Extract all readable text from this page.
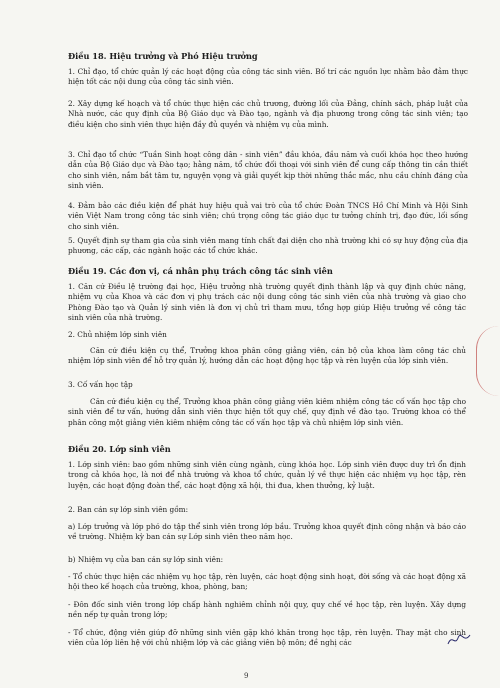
Điều 18. Hiệu trưởng và Phó Hiệu trưởng

1. Chỉ đạo, tổ chức quản lý các hoạt động của công tác sinh viên. Bố trí các nguồn lực nhằm bảo đảm thực hiện tốt các nội dung của công tác sinh viên.

2. Xây dựng kế hoạch và tổ chức thực hiện các chủ trương, đường lối của Đảng, chính sách, pháp luật của Nhà nước, các quy định của Bộ Giáo dục và Đào tạo, ngành và địa phương trong công tác sinh viên; tạo điều kiện cho sinh viên thực hiện đầy đủ quyền và nhiệm vụ của mình.

3. Chỉ đạo tổ chức “Tuần Sinh hoạt công dân - sinh viên” đầu khóa, đầu năm và cuối khóa học theo hướng dẫn của Bộ Giáo dục và Đào tạo; hằng năm, tổ chức đối thoại với sinh viên để cung cấp thông tin cần thiết cho sinh viên, nắm bắt tâm tư, nguyện vọng và giải quyết kịp thời những thắc mắc, nhu cầu chính đáng của sinh viên.

4. Đảm bảo các điều kiện để phát huy hiệu quả vai trò của tổ chức Đoàn TNCS Hồ Chí Minh và Hội Sinh viên Việt Nam trong công tác sinh viên; chú trọng công tác giáo dục tư tưởng chính trị, đạo đức, lối sống cho sinh viên.

5. Quyết định sự tham gia của sinh viên mang tính chất đại diện cho nhà trường khi có sự huy động của địa phương, các cấp, các ngành hoặc các tổ chức khác.

Điều 19. Các đơn vị, cá nhân phụ trách công tác sinh viên

1. Căn cứ Điều lệ trường đại học, Hiệu trưởng nhà trường quyết định thành lập và quy định chức năng, nhiệm vụ của Khoa và các đơn vị phụ trách các nội dung công tác sinh viên của nhà trường và giao cho Phòng Đào tạo và Quản lý sinh viên là đơn vị chủ trì tham mưu, tổng hợp giúp Hiệu trưởng về công tác sinh viên của nhà trường.

2. Chủ nhiệm lớp sinh viên

Căn cứ điều kiện cụ thể, Trưởng khoa phân công giảng viên, cán bộ của khoa làm công tác chủ nhiệm lớp sinh viên để hỗ trợ quản lý, hướng dẫn các hoạt động học tập và rèn luyện của lớp sinh viên.

3. Cố vấn học tập

Căn cứ điều kiện cụ thể, Trưởng khoa phân công giảng viên kiêm nhiệm công tác cố vấn học tập cho sinh viên để tư vấn, hướng dẫn sinh viên thực hiện tốt quy chế, quy định về đào tạo. Trường khoa có thể phân công một giảng viên kiêm nhiệm công tác cố vấn học tập và chủ nhiệm lớp sinh viên.

Điều 20. Lớp sinh viên

1. Lớp sinh viên: bao gồm những sinh viên cùng ngành, cùng khóa học. Lớp sinh viên được duy trì ổn định trong cả khóa học, là nơi để nhà trường và khoa tổ chức, quản lý về thực hiện các nhiệm vụ học tập, rèn luyện, các hoạt động đoàn thể, các hoạt động xã hội, thi đua, khen thưởng, kỷ luật.

2. Ban cán sự lớp sinh viên gồm:

a) Lớp trưởng và lớp phó do tập thể sinh viên trong lớp bầu. Trưởng khoa quyết định công nhận và báo cáo về trường. Nhiệm kỳ ban cán sự Lớp sinh viên theo năm học.

b) Nhiệm vụ của ban cán sự lớp sinh viên:

- Tổ chức thực hiện các nhiệm vụ học tập, rèn luyện, các hoạt động sinh hoạt, đời sống và các hoạt động xã hội theo kế hoạch của trường, khoa, phòng, ban;

- Đôn đốc sinh viên trong lớp chấp hành nghiêm chỉnh nội quy, quy chế về học tập, rèn luyện. Xây dựng nền nếp tự quản trong lớp;

- Tổ chức, động viên giúp đỡ những sinh viên gặp khó khăn trong học tập, rèn luyện. Thay mặt cho sinh viên của lớp liên hệ với chủ nhiệm lớp và các giảng viên bộ môn; đề nghị các

9
